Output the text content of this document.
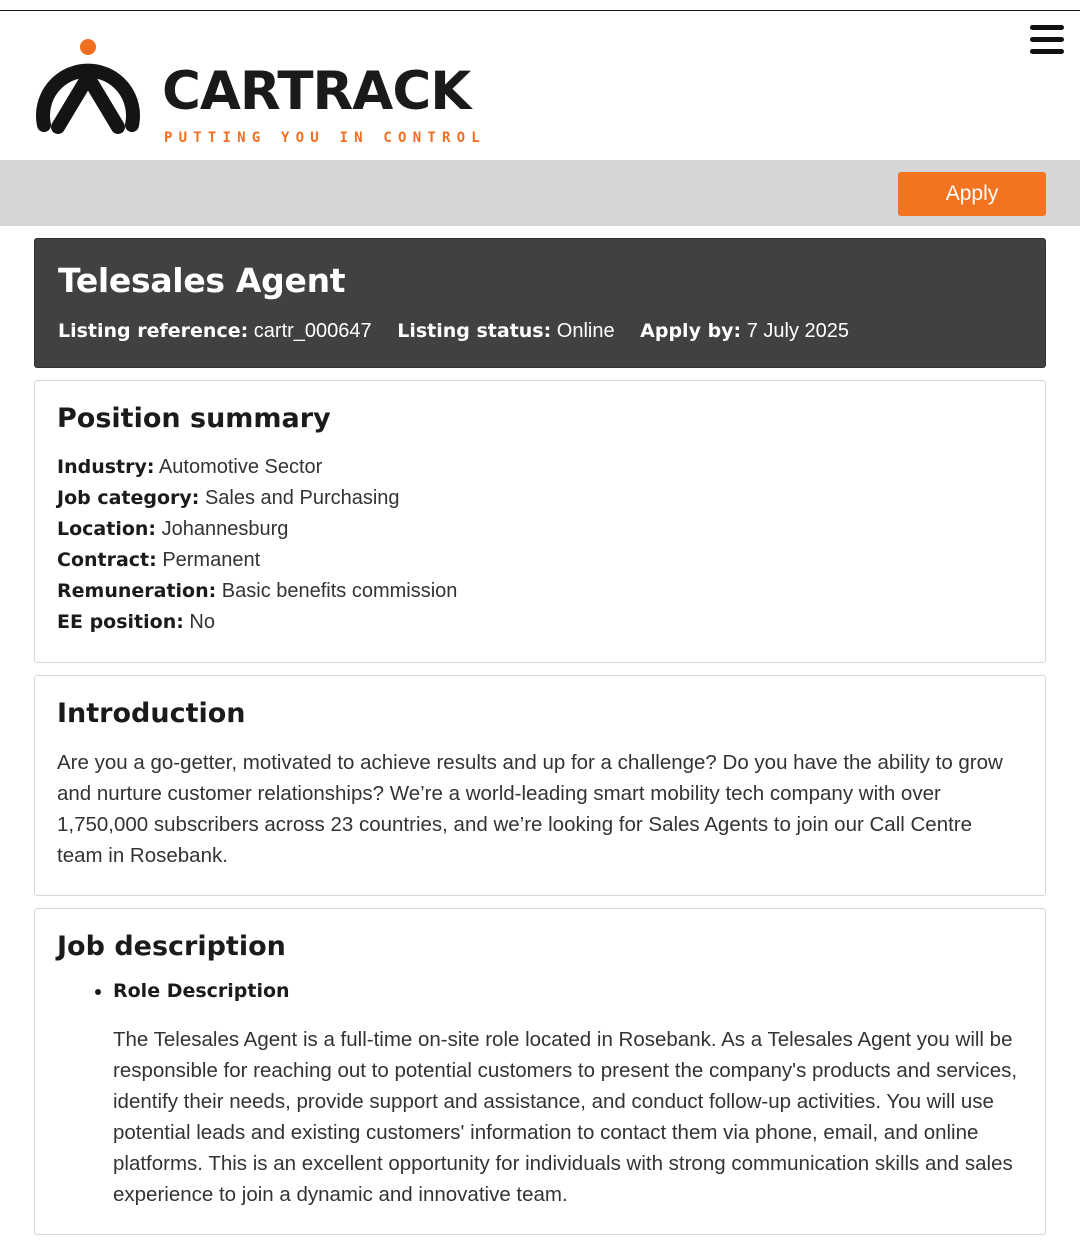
CARTRACK
PUTTING YOU IN CONTROL
Apply
Telesales Agent
Listing reference: cartr_000647 Listing status: Online Apply by: 7 July 2025
Position summary
Industry: Automotive Sector
Job category: Sales and Purchasing
Location: Johannesburg
Contract: Permanent
Remuneration: Basic benefits commission
EE position: No
Introduction

Are you a go-getter, motivated to achieve results and up for a challenge? Do you have the ability to grow and nurture customer relationships? We’re a world-leading smart mobility tech company with over 1,750,000 subscribers across 23 countries, and we’re looking for Sales Agents to join our Call Centre team in Rosebank.

Job description
• Role Description

The Telesales Agent is a full-time on-site role located in Rosebank. As a Telesales Agent you will be responsible for reaching out to potential customers to present the company's products and services, identify their needs, provide support and assistance, and conduct follow-up activities. You will use potential leads and existing customers' information to contact them via phone, email, and online platforms. This is an excellent opportunity for individuals with strong communication skills and sales experience to join a dynamic and innovative team.
